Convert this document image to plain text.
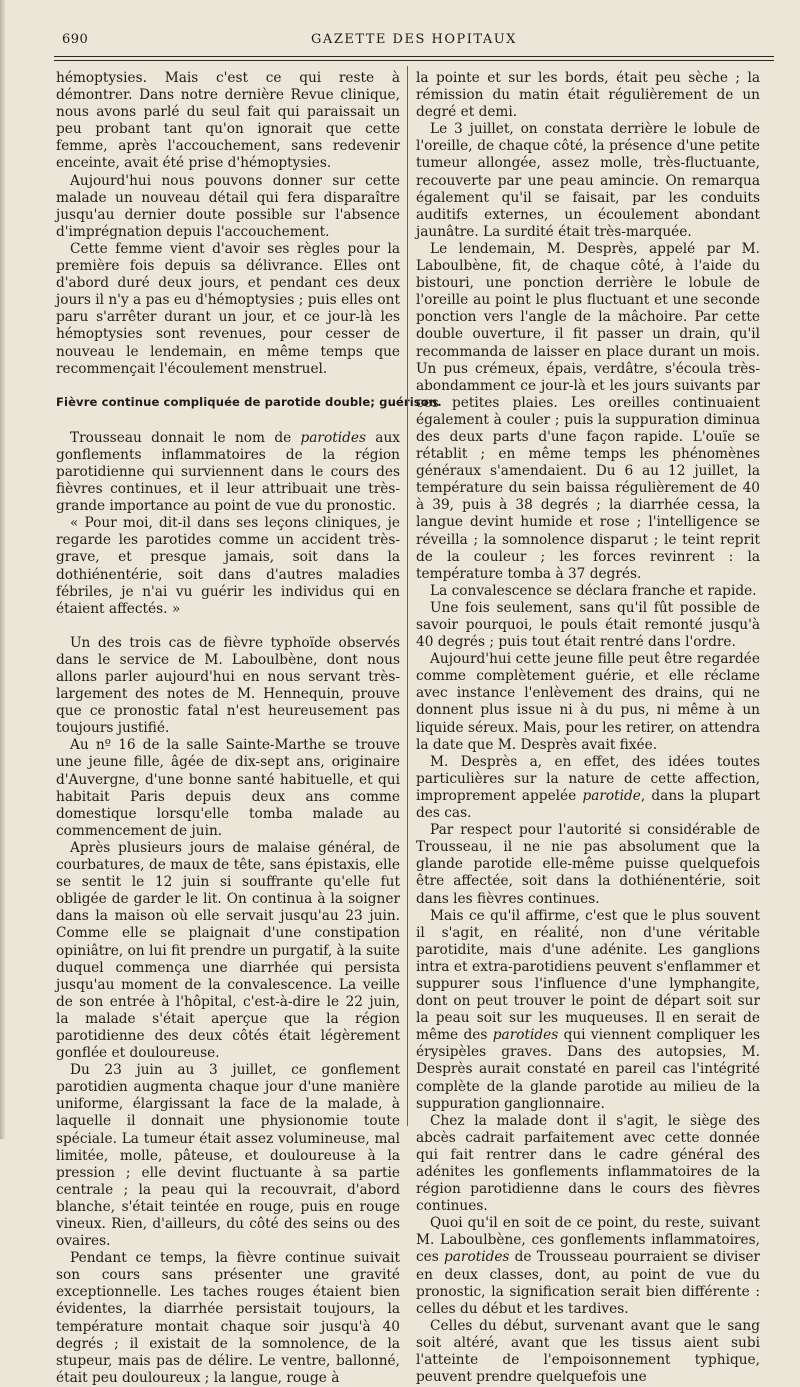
690	GAZETTE DES HOPITAUX

hémoptysies. Mais c'est ce qui reste à démontrer. Dans notre dernière Revue clinique, nous avons parlé du seul fait qui paraissait un peu probant tant qu'on ignorait que cette femme, après l'accouchement, sans redevenir enceinte, avait été prise d'hémoptysies.

Aujourd'hui nous pouvons donner sur cette malade un nouveau détail qui fera disparaître jusqu'au dernier doute possible sur l'absence d'imprégnation depuis l'accouchement.

Cette femme vient d'avoir ses règles pour la première fois depuis sa délivrance. Elles ont d'abord duré deux jours, et pendant ces deux jours il n'y a pas eu d'hémoptysies ; puis elles ont paru s'arrêter durant un jour, et ce jour-là les hémoptysies sont revenues, pour cesser de nouveau le lendemain, en même temps que recommençait l'écoulement menstruel.

Fièvre continue compliquée de parotide double; guérison.

Trousseau donnait le nom de parotides aux gonflements inflammatoires de la région parotidienne qui surviennent dans le cours des fièvres continues, et il leur attribuait une très-grande importance au point de vue du pronostic.

« Pour moi, dit-il dans ses leçons cliniques, je regarde les parotides comme un accident très-grave, et presque jamais, soit dans la dothiénentérie, soit dans d'autres maladies fébriles, je n'ai vu guérir les individus qui en étaient affectés. »

Un des trois cas de fièvre typhoïde observés dans le service de M. Laboulbène, dont nous allons parler aujourd'hui en nous servant très-largement des notes de M. Hennequin, prouve que ce pronostic fatal n'est heureusement pas toujours justifié.

Au nº 16 de la salle Sainte-Marthe se trouve une jeune fille, âgée de dix-sept ans, originaire d'Auvergne, d'une bonne santé habituelle, et qui habitait Paris depuis deux ans comme domestique lorsqu'elle tomba malade au commencement de juin.

Après plusieurs jours de malaise général, de courbatures, de maux de tête, sans épistaxis, elle se sentit le 12 juin si souffrante qu'elle fut obligée de garder le lit. On continua à la soigner dans la maison où elle servait jusqu'au 23 juin. Comme elle se plaignait d'une constipation opiniâtre, on lui fit prendre un purgatif, à la suite duquel commença une diarrhée qui persista jusqu'au moment de la convalescence. La veille de son entrée à l'hôpital, c'est-à-dire le 22 juin, la malade s'était aperçue que la région parotidienne des deux côtés était légèrement gonflée et douloureuse.

Du 23 juin au 3 juillet, ce gonflement parotidien augmenta chaque jour d'une manière uniforme, élargissant la face de la malade, à laquelle il donnait une physionomie toute spéciale. La tumeur était assez volumineuse, mal limitée, molle, pâteuse, et douloureuse à la pression ; elle devint fluctuante à sa partie centrale ; la peau qui la recouvrait, d'abord blanche, s'était teintée en rouge, puis en rouge vineux. Rien, d'ailleurs, du côté des seins ou des ovaires.

Pendant ce temps, la fièvre continue suivait son cours sans présenter une gravité exceptionnelle. Les taches rouges étaient bien évidentes, la diarrhée persistait toujours, la température montait chaque soir jusqu'à 40 degrés ; il existait de la somnolence, de la stupeur, mais pas de délire. Le ventre, ballonné, était peu douloureux ; la langue, rouge à

la pointe et sur les bords, était peu sèche ; la rémission du matin était régulièrement de un degré et demi.

Le 3 juillet, on constata derrière le lobule de l'oreille, de chaque côté, la présence d'une petite tumeur allongée, assez molle, très-fluctuante, recouverte par une peau amincie. On remarqua également qu'il se faisait, par les conduits auditifs externes, un écoulement abondant jaunâtre. La surdité était très-marquée.

Le lendemain, M. Desprès, appelé par M. Laboulbène, fit, de chaque côté, à l'aide du bistouri, une ponction derrière le lobule de l'oreille au point le plus fluctuant et une seconde ponction vers l'angle de la mâchoire. Par cette double ouverture, il fit passer un drain, qu'il recommanda de laisser en place durant un mois. Un pus crémeux, épais, verdâtre, s'écoula très-abondamment ce jour-là et les jours suivants par ces petites plaies. Les oreilles continuaient également à couler ; puis la suppuration diminua des deux parts d'une façon rapide. L'ouïe se rétablit ; en même temps les phénomènes généraux s'amendaient. Du 6 au 12 juillet, la température du sein baissa régulièrement de 40 à 39, puis à 38 degrés ; la diarrhée cessa, la langue devint humide et rose ; l'intelligence se réveilla ; la somnolence disparut ; le teint reprit de la couleur ; les forces revinrent : la température tomba à 37 degrés.

La convalescence se déclara franche et rapide.

Une fois seulement, sans qu'il fût possible de savoir pourquoi, le pouls était remonté jusqu'à 40 degrés ; puis tout était rentré dans l'ordre.

Aujourd'hui cette jeune fille peut être regardée comme complètement guérie, et elle réclame avec instance l'enlèvement des drains, qui ne donnent plus issue ni à du pus, ni même à un liquide séreux. Mais, pour les retirer, on attendra la date que M. Desprès avait fixée.

M. Desprès a, en effet, des idées toutes particulières sur la nature de cette affection, improprement appelée parotide, dans la plupart des cas.

Par respect pour l'autorité si considérable de Trousseau, il ne nie pas absolument que la glande parotide elle-même puisse quelquefois être affectée, soit dans la dothiénentérie, soit dans les fièvres continues.

Mais ce qu'il affirme, c'est que le plus souvent il s'agit, en réalité, non d'une véritable parotidite, mais d'une adénite. Les ganglions intra et extra-parotidiens peuvent s'enflammer et suppurer sous l'influence d'une lymphangite, dont on peut trouver le point de départ soit sur la peau soit sur les muqueuses. Il en serait de même des parotides qui viennent compliquer les érysipèles graves. Dans des autopsies, M. Desprès aurait constaté en pareil cas l'intégrité complète de la glande parotide au milieu de la suppuration ganglionnaire.

Chez la malade dont il s'agit, le siège des abcès cadrait parfaitement avec cette donnée qui fait rentrer dans le cadre général des adénites les gonflements inflammatoires de la région parotidienne dans le cours des fièvres continues.

Quoi qu'il en soit de ce point, du reste, suivant M. Laboulbène, ces gonflements inflammatoires, ces parotides de Trousseau pourraient se diviser en deux classes, dont, au point de vue du pronostic, la signification serait bien différente : celles du début et les tardives.

Celles du début, survenant avant que le sang soit altéré, avant que les tissus aient subi l'atteinte de l'empoisonnement typhique, peuvent prendre quelquefois une
